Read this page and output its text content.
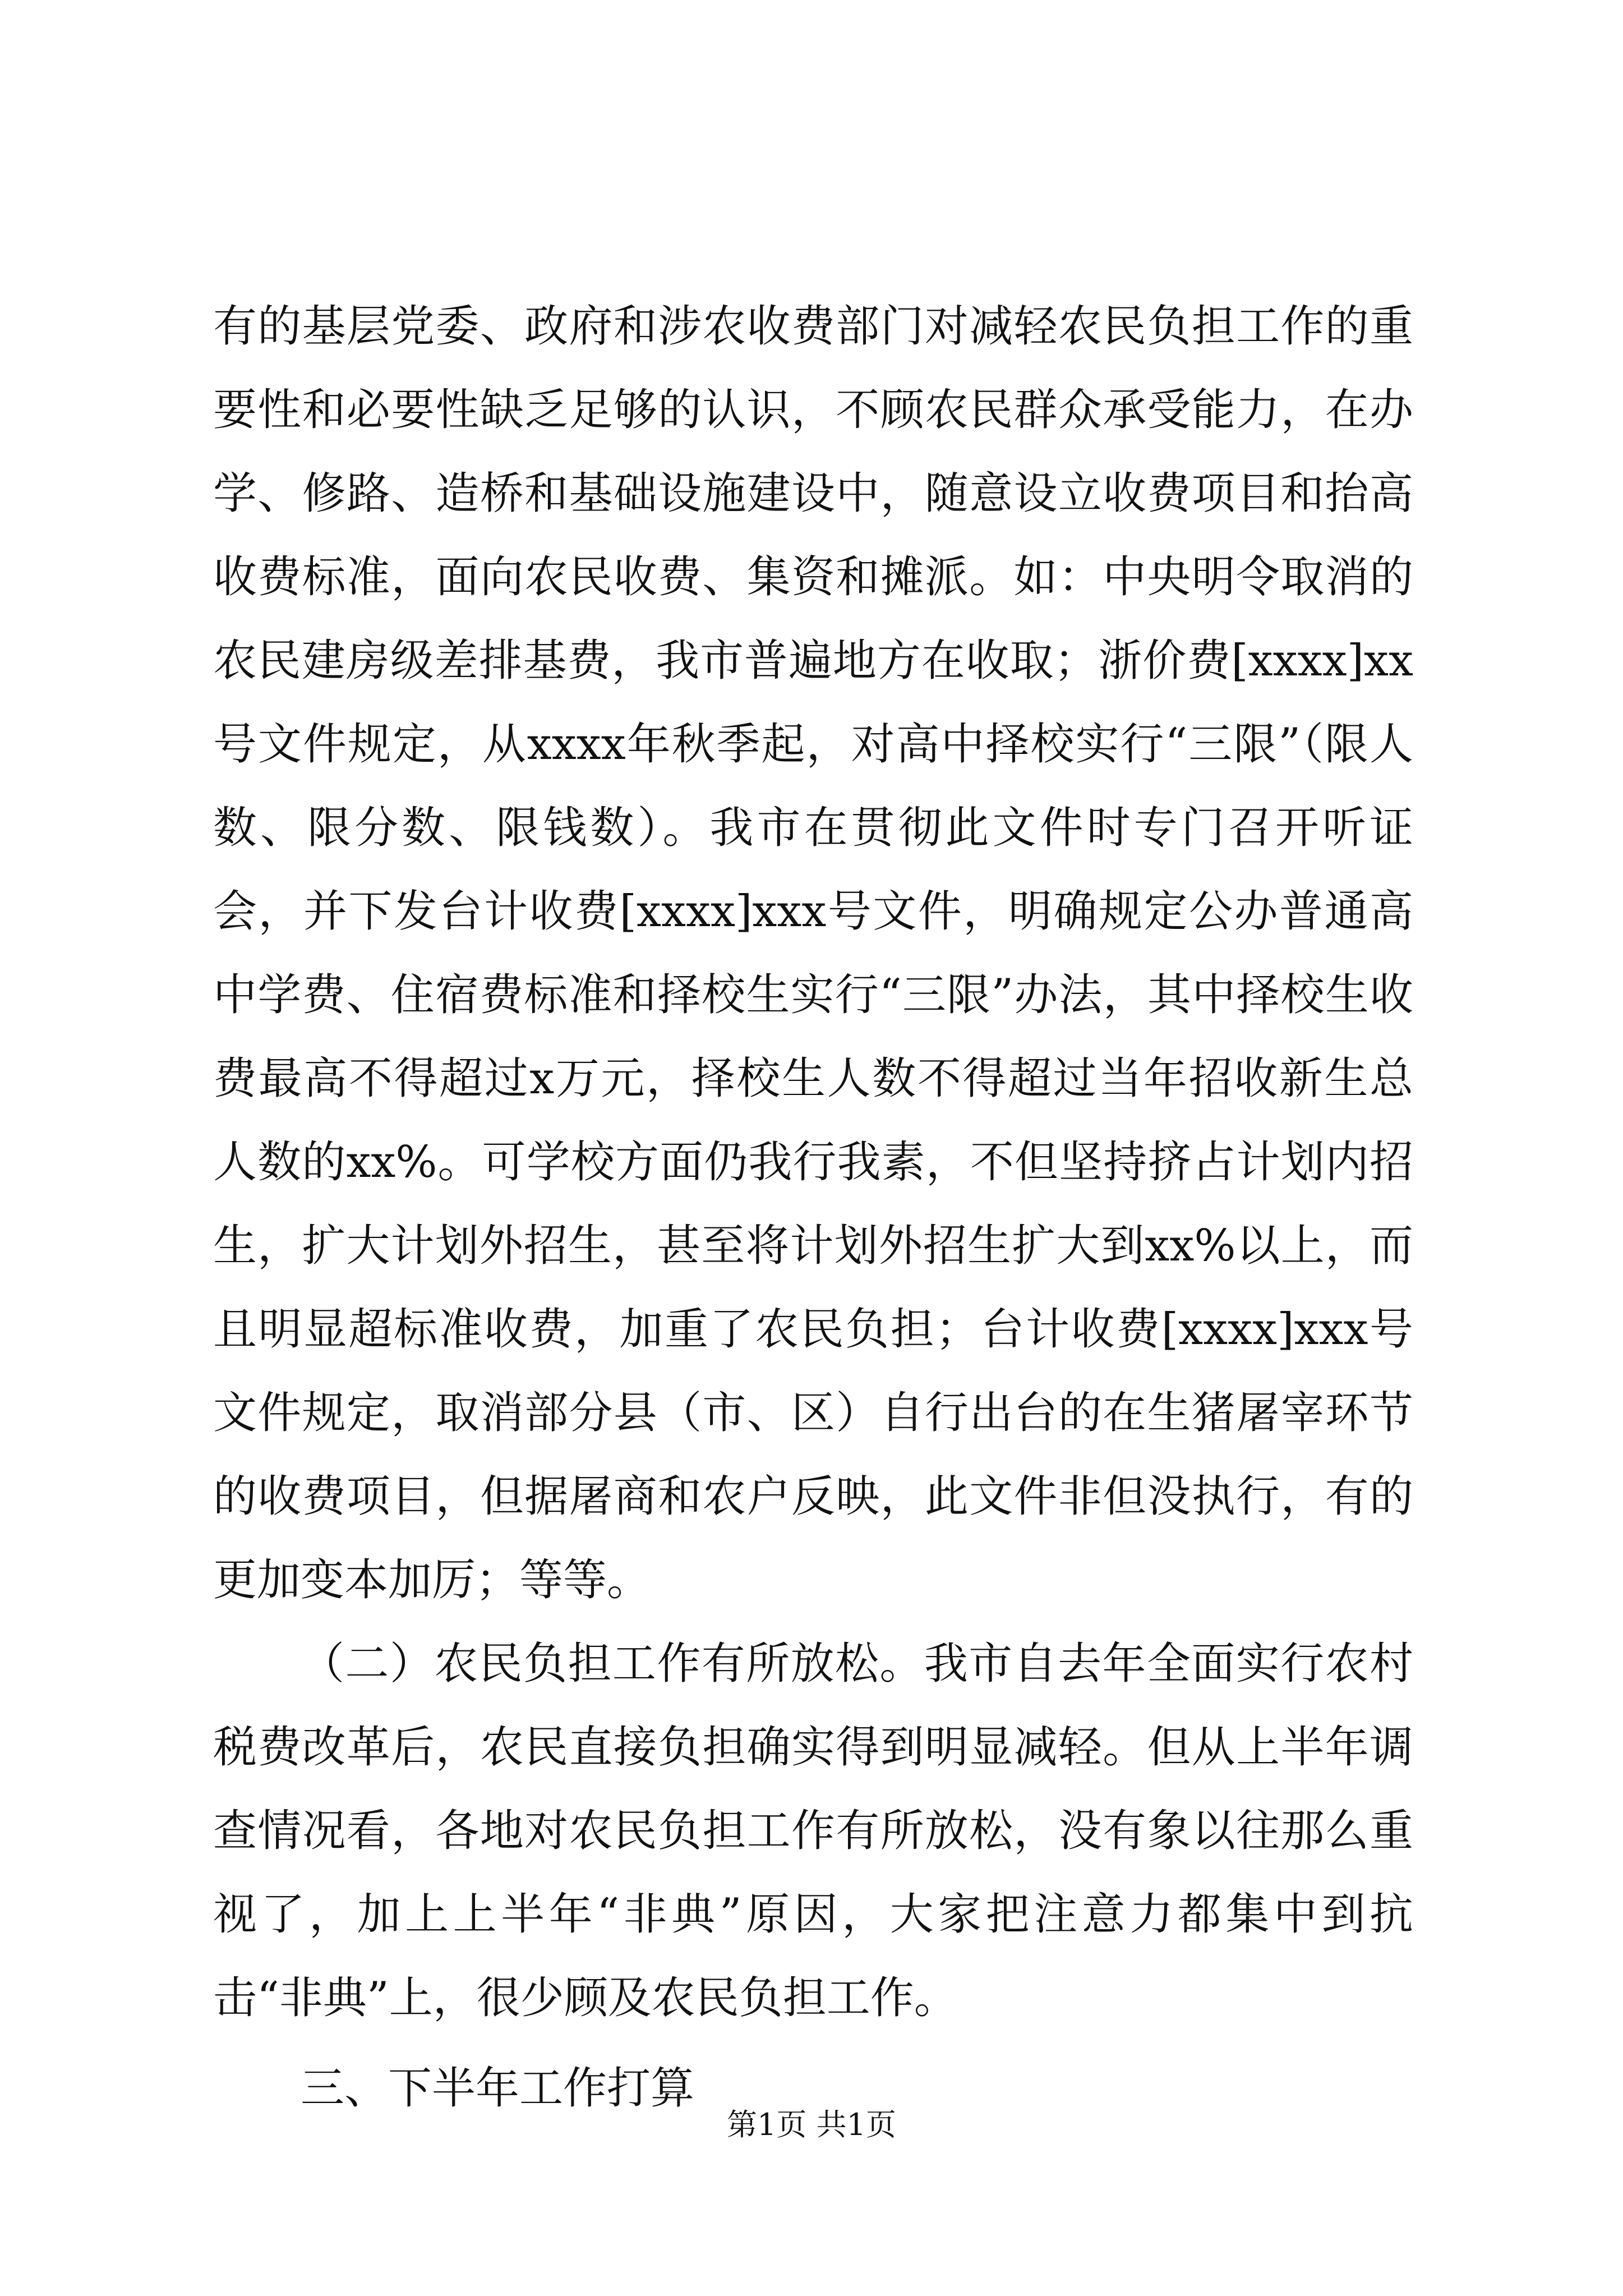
有的基层党委、政府和涉农收费部门对减轻农民负担工作的重要性和必要性缺乏足够的认识，不顾农民群众承受能力，在办学、修路、造桥和基础设施建设中，随意设立收费项目和抬高收费标准，面向农民收费、集资和摊派。如：中央明令取消的农民建房级差排基费，我市普遍地方在收取；浙价费[xxxx]xx号文件规定，从xxxx年秋季起，对高中择校实行“三限”（限人数、限分数、限钱数）。我市在贯彻此文件时专门召开听证会，并下发台计收费[xxxx]xxx号文件，明确规定公办普通高中学费、住宿费标准和择校生实行“三限”办法，其中择校生收费最高不得超过x万元，择校生人数不得超过当年招收新生总人数的xx%。可学校方面仍我行我素，不但坚持挤占计划内招生，扩大计划外招生，甚至将计划外招生扩大到xx%以上，而且明显超标准收费，加重了农民负担；台计收费[xxxx]xxx号文件规定，取消部分县（市、区）自行出台的在生猪屠宰环节的收费项目，但据屠商和农户反映，此文件非但没执行，有的更加变本加厉；等等。

（二）农民负担工作有所放松。我市自去年全面实行农村税费改革后，农民直接负担确实得到明显减轻。但从上半年调查情况看，各地对农民负担工作有所放松，没有象以往那么重视了，加上上半年“非典”原因，大家把注意力都集中到抗击“非典”上，很少顾及农民负担工作。

三、下半年工作打算

第1页 共1页
